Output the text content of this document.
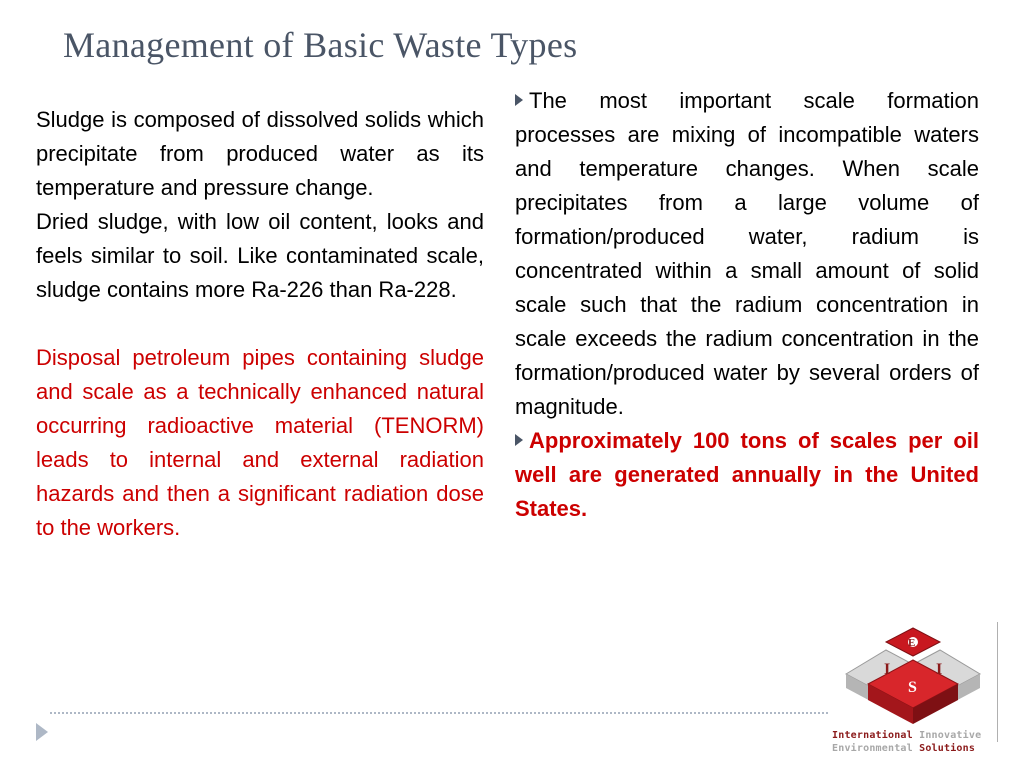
Management of Basic Waste Types

Sludge is composed of dissolved solids which precipitate from produced water as its temperature and pressure change.

Dried sludge, with low oil content, looks and feels similar to soil. Like contaminated scale, sludge contains more Ra-226 than Ra-228.

Disposal petroleum pipes containing sludge and scale as a technically enhanced natural occurring radioactive material (TENORM) leads to internal and external radiation hazards and then a significant radiation dose to the workers.

The most important scale formation processes are mixing of incompatible waters and temperature changes. When scale precipitates from a large volume of formation/produced water, radium is concentrated within a small amount of solid scale such that the radium concentration in scale exceeds the radium concentration in the formation/produced water by several orders of magnitude.

Approximately 100 tons of scales per oil well are generated annually in the United States.

I	I
E
S
International Innovative
Environmental Solutions
